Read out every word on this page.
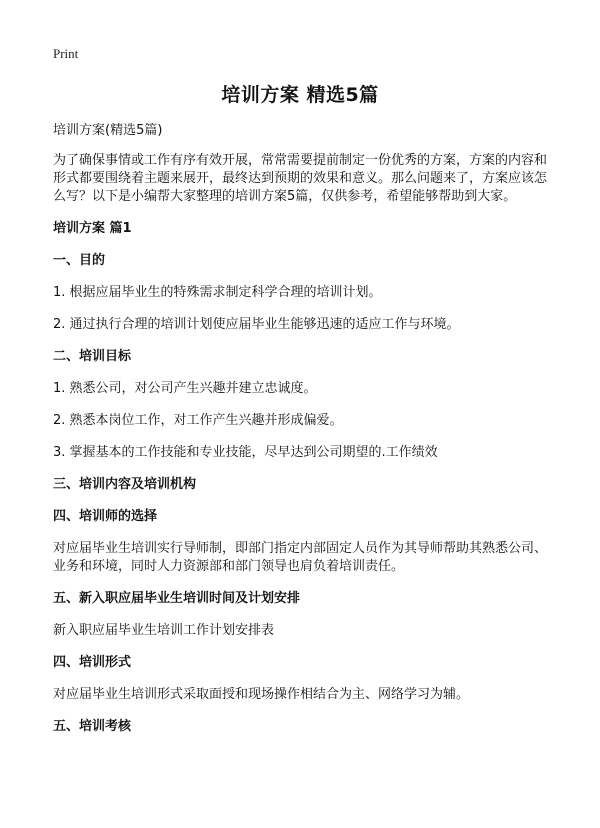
Print
培训方案 精选5篇

培训方案(精选5篇)

为了确保事情或工作有序有效开展，常常需要提前制定一份优秀的方案，方案的内容和形式都要围绕着主题来展开，最终达到预期的效果和意义。那么问题来了，方案应该怎么写？以下是小编帮大家整理的培训方案5篇，仅供参考，希望能够帮助到大家。

培训方案 篇1

一、目的

1. 根据应届毕业生的特殊需求制定科学合理的培训计划。

2. 通过执行合理的培训计划使应届毕业生能够迅速的适应工作与环境。

二、培训目标

1. 熟悉公司，对公司产生兴趣并建立忠诚度。

2. 熟悉本岗位工作，对工作产生兴趣并形成偏爱。

3. 掌握基本的工作技能和专业技能，尽早达到公司期望的.工作绩效

三、培训内容及培训机构

四、培训师的选择

对应届毕业生培训实行导师制，即部门指定内部固定人员作为其导师帮助其熟悉公司、业务和环境，同时人力资源部和部门领导也肩负着培训责任。

五、新入职应届毕业生培训时间及计划安排

新入职应届毕业生培训工作计划安排表

四、培训形式

对应届毕业生培训形式采取面授和现场操作相结合为主、网络学习为辅。

五、培训考核
